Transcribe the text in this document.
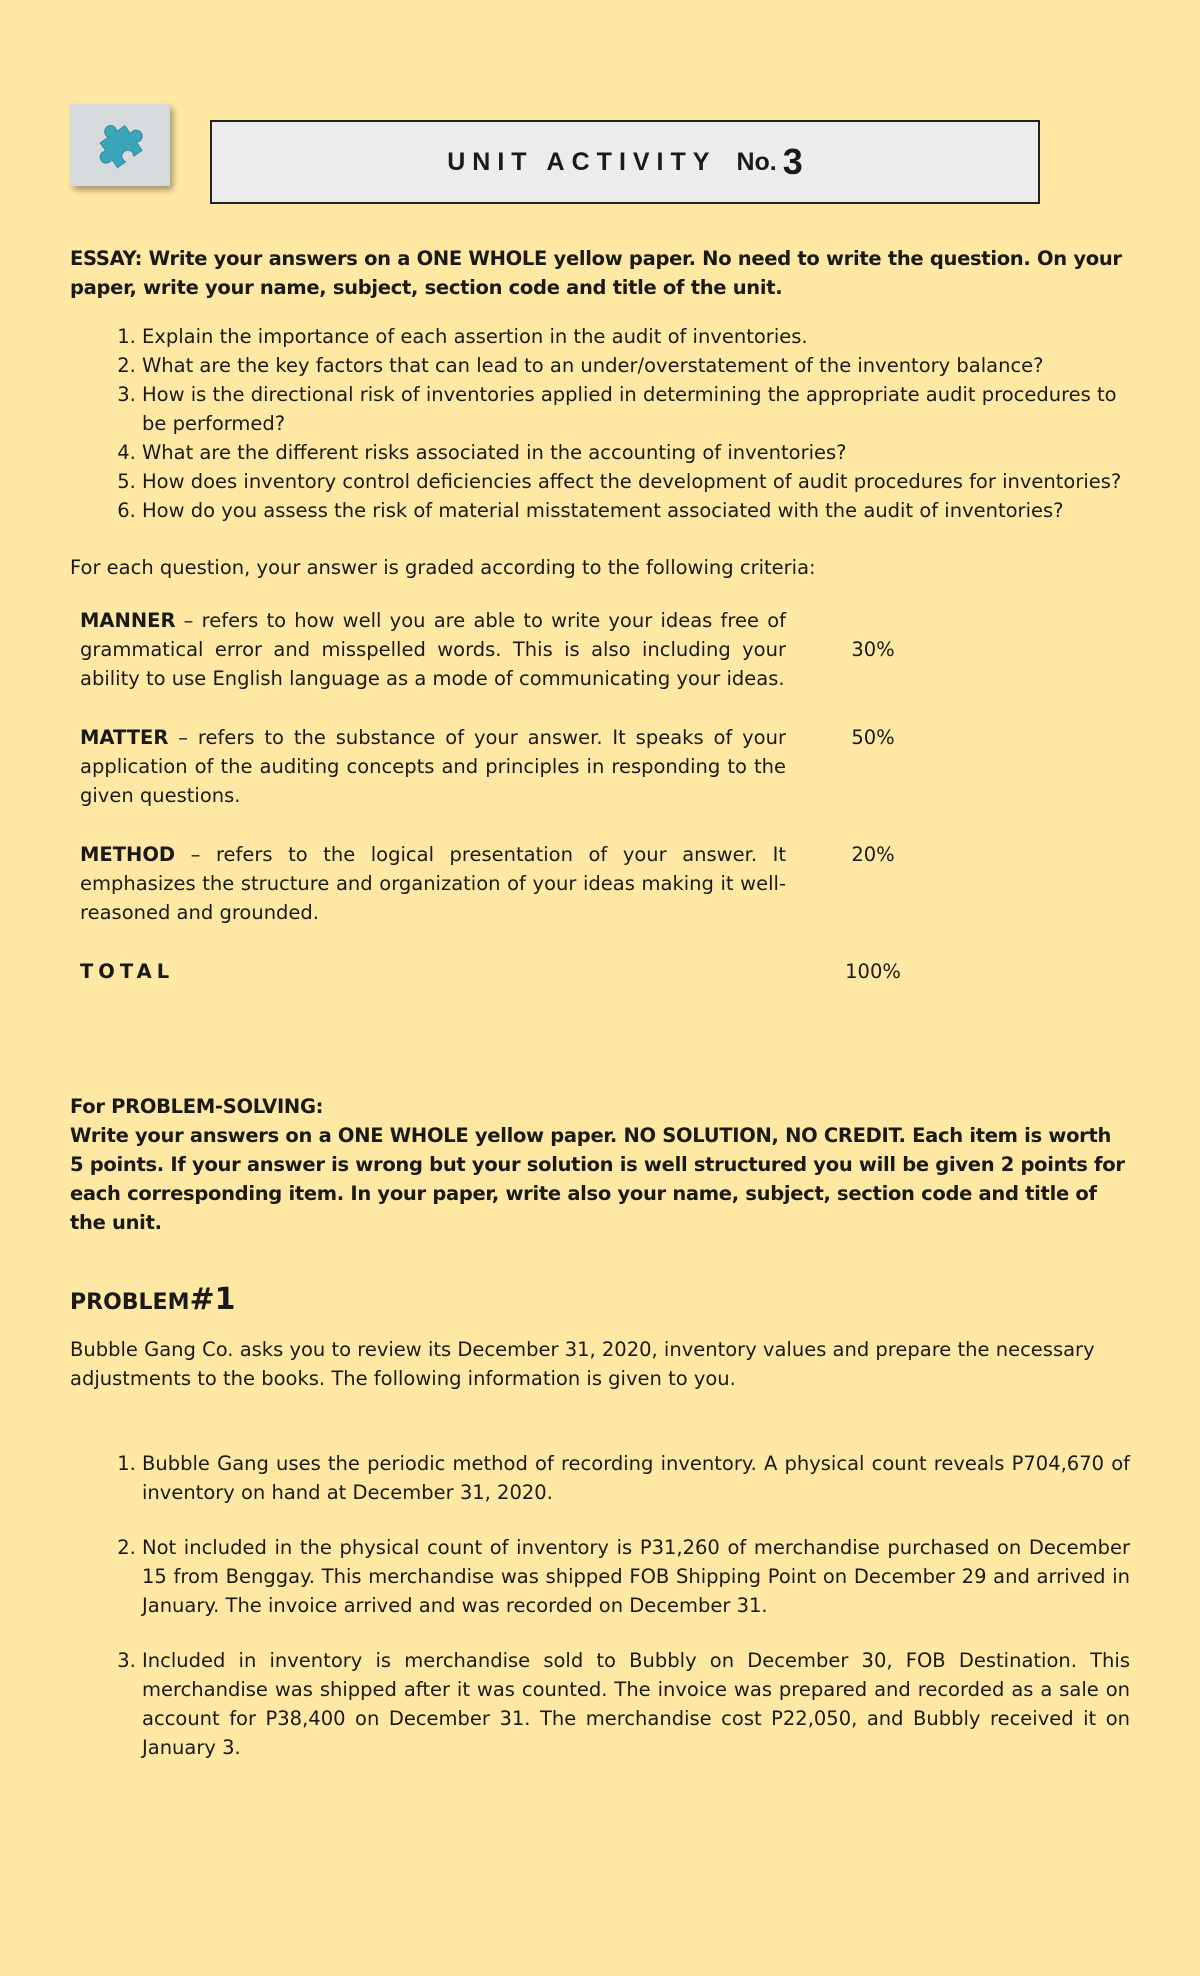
UNIT ACTIVITY No. 3

ESSAY: Write your answers on a ONE WHOLE yellow paper. No need to write the question. On your paper, write your name, subject, section code and title of the unit.

1. Explain the importance of each assertion in the audit of inventories.
2. What are the key factors that can lead to an under/overstatement of the inventory balance?
3. How is the directional risk of inventories applied in determining the appropriate audit procedures to be performed?
4. What are the different risks associated in the accounting of inventories?
5. How does inventory control deficiencies affect the development of audit procedures for inventories?
6. How do you assess the risk of material misstatement associated with the audit of inventories?

For each question, your answer is graded according to the following criteria:

MANNER – refers to how well you are able to write your ideas free of grammatical error and misspelled words. This is also including your ability to use English language as a mode of communicating your ideas.	30%

MATTER – refers to the substance of your answer. It speaks of your application of the auditing concepts and principles in responding to the given questions.	50%

METHOD – refers to the logical presentation of your answer. It emphasizes the structure and organization of your ideas making it well-reasoned and grounded.	20%

TOTAL	100%

For PROBLEM-SOLVING:
Write your answers on a ONE WHOLE yellow paper. NO SOLUTION, NO CREDIT. Each item is worth 5 points. If your answer is wrong but your solution is well structured you will be given 2 points for each corresponding item. In your paper, write also your name, subject, section code and title of the unit.

PROBLEM#1

Bubble Gang Co. asks you to review its December 31, 2020, inventory values and prepare the necessary adjustments to the books. The following information is given to you.

1. Bubble Gang uses the periodic method of recording inventory. A physical count reveals P704,670 of inventory on hand at December 31, 2020.
2. Not included in the physical count of inventory is P31,260 of merchandise purchased on December 15 from Benggay. This merchandise was shipped FOB Shipping Point on December 29 and arrived in January. The invoice arrived and was recorded on December 31.
3. Included in inventory is merchandise sold to Bubbly on December 30, FOB Destination. This merchandise was shipped after it was counted. The invoice was prepared and recorded as a sale on account for P38,400 on December 31. The merchandise cost P22,050, and Bubbly received it on January 3.
